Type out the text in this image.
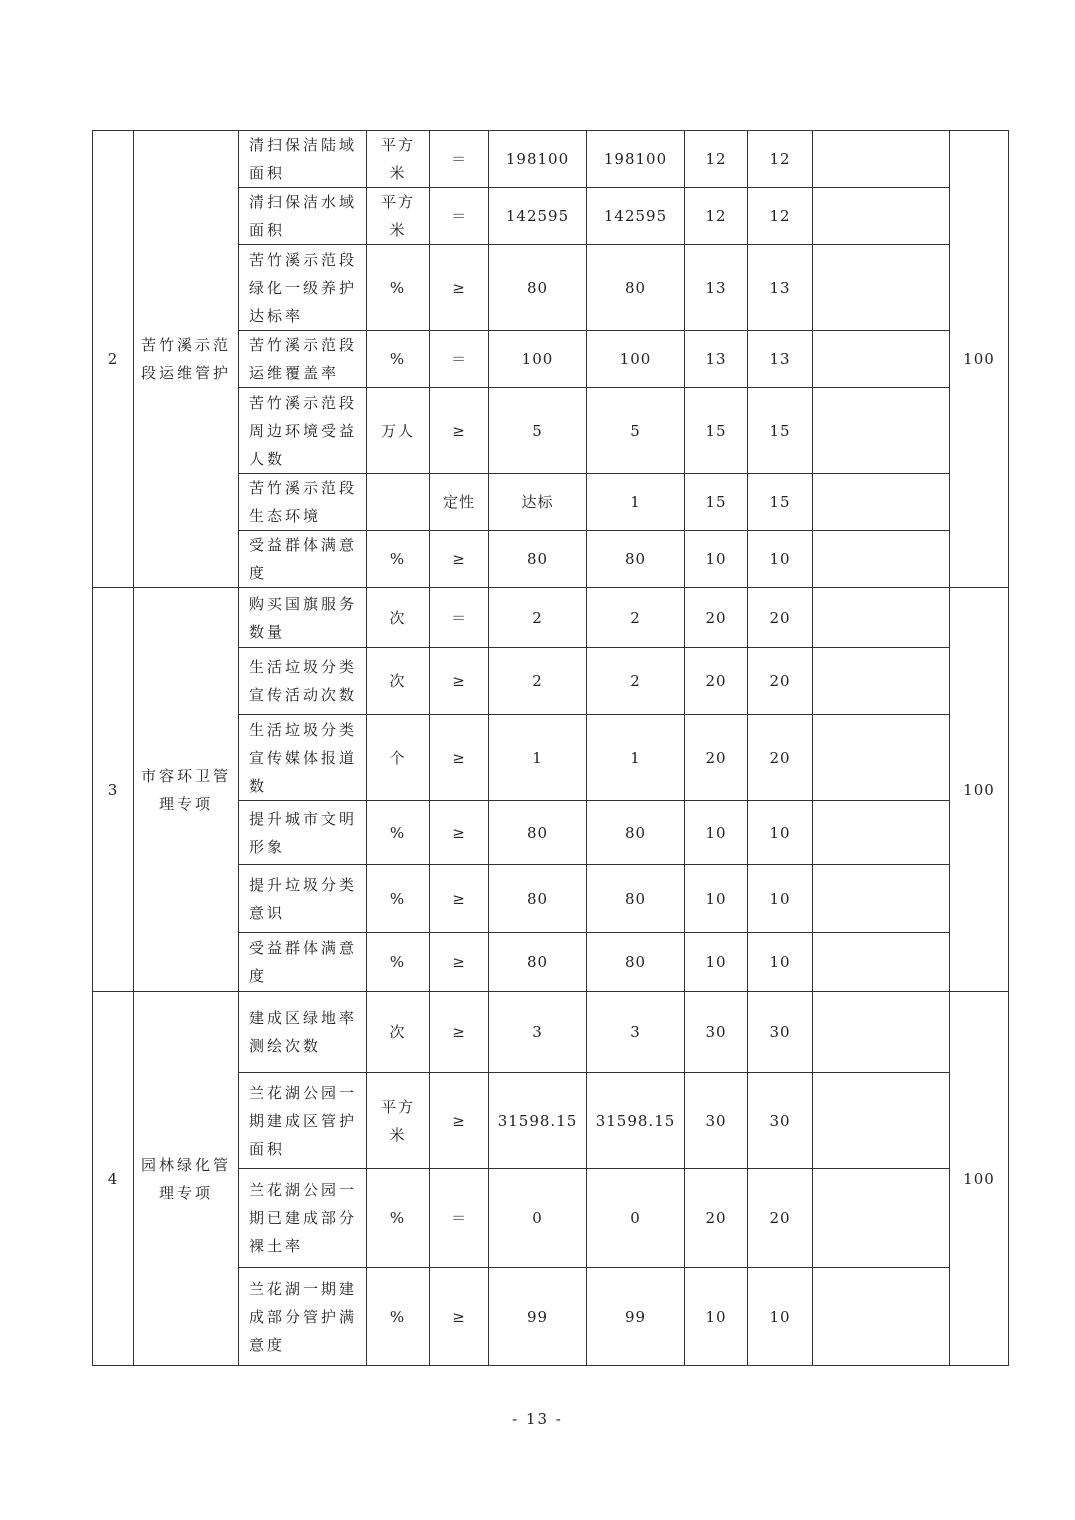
2	苦竹溪示范段运维管护	清扫保洁陆域面积	平方米	＝	198100	198100	12	12		100
		清扫保洁水域面积	平方米	＝	142595	142595	12	12		
		苦竹溪示范段绿化一级养护达标率	%	≥	80	80	13	13		
		苦竹溪示范段运维覆盖率	%	＝	100	100	13	13		
		苦竹溪示范段周边环境受益人数	万人	≥	5	5	15	15		
		苦竹溪示范段生态环境		定性	达标	1	15	15		
		受益群体满意度	%	≥	80	80	10	10		
3	市容环卫管理专项	购买国旗服务数量	次	＝	2	2	20	20		100
		生活垃圾分类宣传活动次数	次	≥	2	2	20	20		
		生活垃圾分类宣传媒体报道数	个	≥	1	1	20	20		
		提升城市文明形象	%	≥	80	80	10	10		
		提升垃圾分类意识	%	≥	80	80	10	10		
		受益群体满意度	%	≥	80	80	10	10		
4	园林绿化管理专项	建成区绿地率测绘次数	次	≥	3	3	30	30		100
		兰花湖公园一期建成区管护面积	平方米	≥	31598.15	31598.15	30	30		
		兰花湖公园一期已建成部分裸土率	%	＝	0	0	20	20		
		兰花湖一期建成部分管护满意度	%	≥	99	99	10	10		
- 13 -
